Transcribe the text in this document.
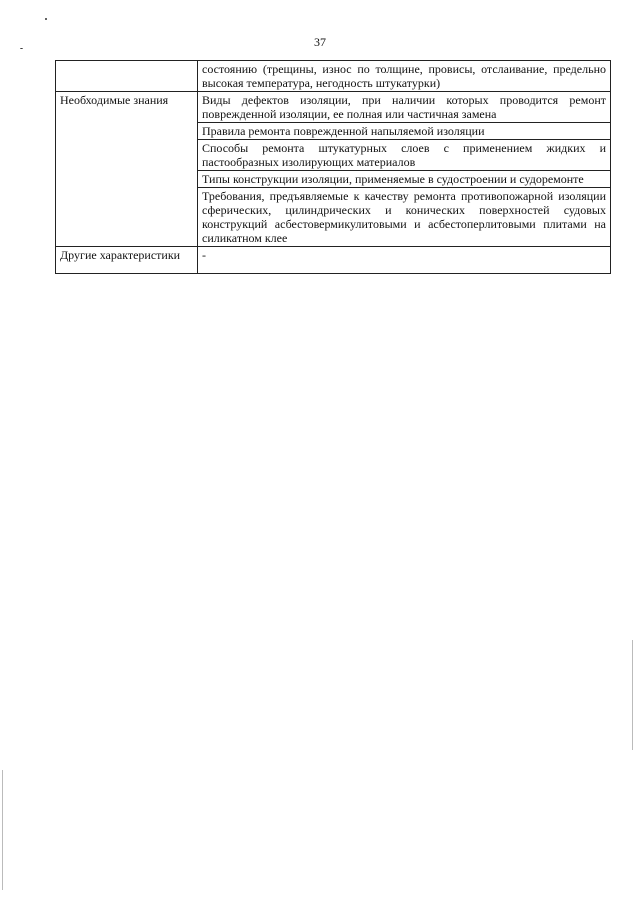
37
	состоянию (трещины, износ по толщине, провисы, отслаивание, предельно высокая температура, негодность штукатурки)
Необходимые знания	Виды дефектов изоляции, при наличии которых проводится ремонт поврежденной изоляции, ее полная или частичная замена
	Правила ремонта поврежденной напыляемой изоляции
	Способы ремонта штукатурных слоев с применением жидких и пастообразных изолирующих материалов
	Типы конструкции изоляции, применяемые в судостроении и судоремонте
	Требования, предъявляемые к качеству ремонта противопожарной изоляции сферических, цилиндрических и конических поверхностей судовых конструкций асбестовермикулитовыми и асбестоперлитовыми плитами на силикатном клее
Другие характеристики	-
